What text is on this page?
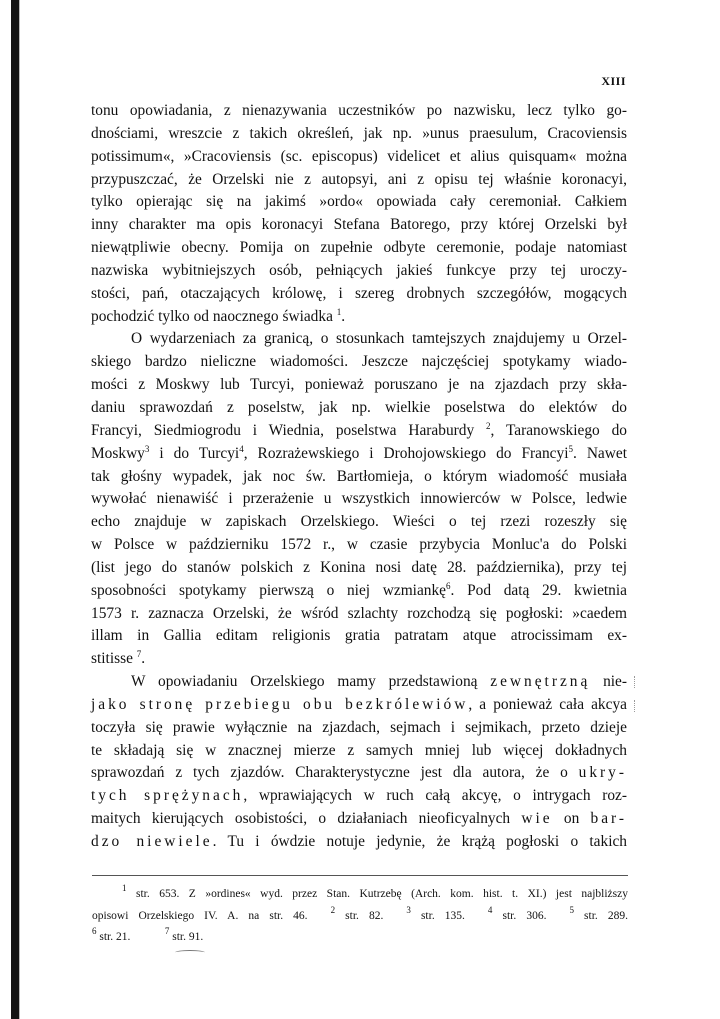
XIII
tonu opowiadania, z nienazywania uczestników po nazwisku, lecz tylko go-
dnościami, wreszcie z takich określeń, jak np. »unus praesulum, Cracoviensis
potissimum«, »Cracoviensis (sc. episcopus) videlicet et alius quisquam« można
przypuszczać, że Orzelski nie z autopsyi, ani z opisu tej właśnie koronacyi,
tylko opierając się na jakimś »ordo« opowiada cały ceremoniał. Całkiem
inny charakter ma opis koronacyi Stefana Batorego, przy której Orzelski był
niewątpliwie obecny. Pomija on zupełnie odbyte ceremonie, podaje natomiast
nazwiska wybitniejszych osób, pełniących jakieś funkcye przy tej uroczy-
stości, pań, otaczających królowę, i szereg drobnych szczegółów, mogących
pochodzić tylko od naocznego świadka $^1$.
O wydarzeniach za granicą, o stosunkach tamtejszych znajdujemy u Orzel-
skiego bardzo nieliczne wiadomości. Jeszcze najczęściej spotykamy wiado-
mości z Moskwy lub Turcyi, ponieważ poruszano je na zjazdach przy skła-
daniu sprawozdań z poselstw, jak np. wielkie poselstwa do elektów do
Francyi, Siedmiogrodu i Wiednia, poselstwa Haraburdy $^2$, Taranowskiego do
Moskwy$^3$ i do Turcyi$^4$, Rozrażewskiego i Drohojowskiego do Francyi$^5$. Nawet
tak głośny wypadek, jak noc św. Bartłomieja, o którym wiadomość musiała
wywołać nienawiść i przerażenie u wszystkich innowierców w Polsce, ledwie
echo znajduje w zapiskach Orzelskiego. Wieści o tej rzezi rozeszły się
w Polsce w październiku 1572 r., w czasie przybycia Monluc'a do Polski
(list jego do stanów polskich z Konina nosi datę 28. października), przy tej
sposobności spotykamy pierwszą o niej wzmiankę$^6$. Pod datą 29. kwietnia
1573 r. zaznacza Orzelski, że wśród szlachty rozchodzą się pogłoski: »caedem
illam in Gallia editam religionis gratia patratam atque atrocissimam ex-
stitisse $^7$.
W opowiadaniu Orzelskiego mamy przedstawioną zewnętrzną nie-
jako stronę przebiegu obu bezkrólewiów, a ponieważ cała akcya
toczyła się prawie wyłącznie na zjazdach, sejmach i sejmikach, przeto dzieje
te składają się w znacznej mierze z samych mniej lub więcej dokładnych
sprawozdań z tych zjazdów. Charakterystyczne jest dla autora, że o ukry-
tych sprężynach, wprawiających w ruch całą akcyę, o intrygach roz-
maitych kierujących osobistości, o działaniach nieoficyalnych wie on bar-
dzo niewiele. Tu i ówdzie notuje jedynie, że krążą pogłoski o takich
$^1$ str. 653. Z »ordines« wyd. przez Stan. Kutrzebę (Arch. kom. hist. t. XI.) jest najbliższy
opisowi Orzelskiego IV. A. na str. 46.  	$^2$ str. 82.  	$^3$ str. 135.  	$^4$ str. 306.  	$^5$ str. 289.
$^6$ str. 21.   	$^7$ str. 91.
